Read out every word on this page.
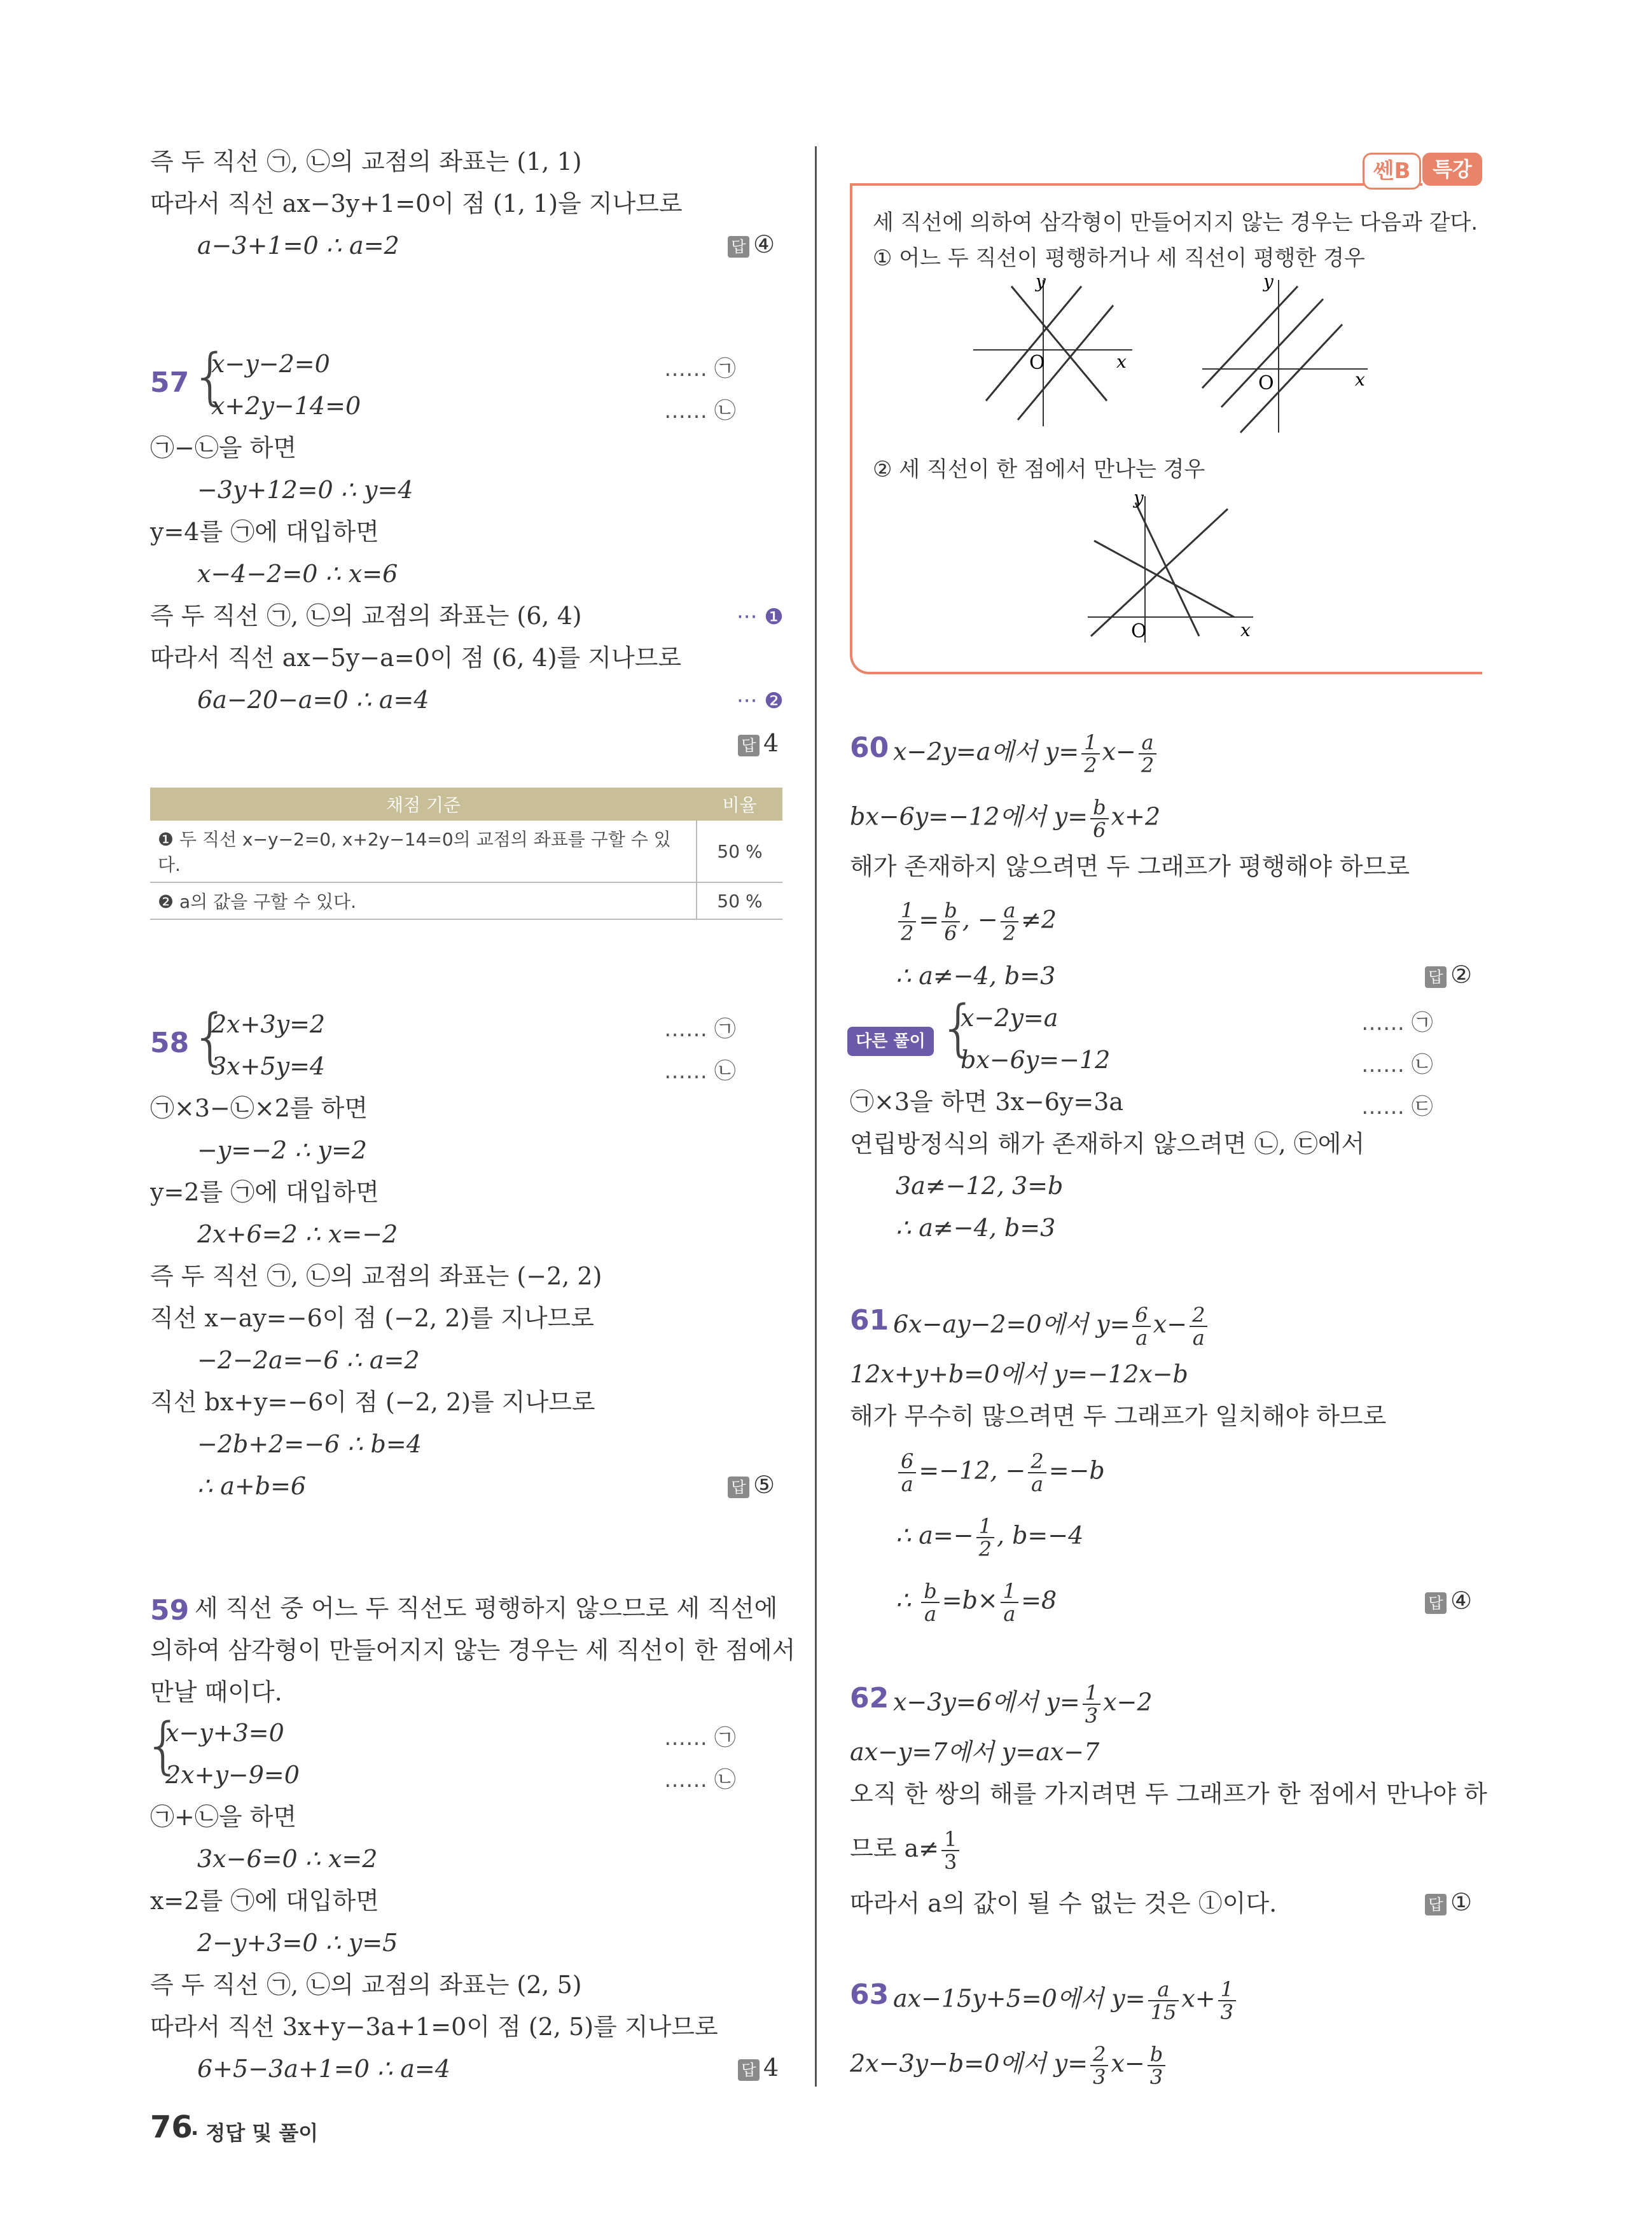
즉 두 직선 ㉠, ㉡의 교점의 좌표는 (1, 1)
따라서 직선 ax−3y+1=0이 점 (1, 1)을 지나므로
a−3+1=0 ∴ a=2	답 ④
57 {
x−y−2=0
x+2y−14=0
…… ㉠
…… ㉡
㉠−㉡을 하면
−3y+12=0 ∴ y=4
y=4를 ㉠에 대입하면
x−4−2=0 ∴ x=6
즉 두 직선 ㉠, ㉡의 교점의 좌표는 (6, 4)	··· ❶
따라서 직선 ax−5y−a=0이 점 (6, 4)를 지나므로
6a−20−a=0 ∴ a=4	··· ❷
답 4
채점 기준	비율
❶ 두 직선 x−y−2=0, x+2y−14=0의 교점의 좌표를 구할 수 있다.	50 %
❷ a의 값을 구할 수 있다.	50 %
58 {
2x+3y=2
3x+5y=4
…… ㉠
…… ㉡
㉠×3−㉡×2를 하면
−y=−2 ∴ y=2
y=2를 ㉠에 대입하면
2x+6=2 ∴ x=−2
즉 두 직선 ㉠, ㉡의 교점의 좌표는 (−2, 2)
직선 x−ay=−6이 점 (−2, 2)를 지나므로
−2−2a=−6 ∴ a=2
직선 bx+y=−6이 점 (−2, 2)를 지나므로
−2b+2=−6 ∴ b=4
∴ a+b=6	답 ⑤
59 세 직선 중 어느 두 직선도 평행하지 않으므로 세 직선에
의하여 삼각형이 만들어지지 않는 경우는 세 직선이 한 점에서
만날 때이다.
{
x−y+3=0
2x+y−9=0
…… ㉠
…… ㉡
㉠+㉡을 하면
3x−6=0 ∴ x=2
x=2를 ㉠에 대입하면
2−y+3=0 ∴ y=5
즉 두 직선 ㉠, ㉡의 교점의 좌표는 (2, 5)
따라서 직선 3x+y−3a+1=0이 점 (2, 5)를 지나므로
6+5−3a+1=0 ∴ a=4	답 4
쎈B	특강
세 직선에 의하여 삼각형이 만들어지지 않는 경우는 다음과 같다.
① 어느 두 직선이 평행하거나 세 직선이 평행한 경우
O	x
y
O	x
y
② 세 직선이 한 점에서 만나는 경우
O	x
y
60 x−2y=a에서 $y= \frac{1}{2} x- \frac{a}{2}$
bx−6y=−12에서 $y= \frac{b}{6} x+2$
해가 존재하지 않으려면 두 그래프가 평행해야 하므로
$\frac{1}{2} = \frac{b}{6}$ , − $\frac{a}{2} \ne 2$
∴ a≠−4, b=3	답 ②
다른 풀이 {
x−2y=a
bx−6y=−12
…… ㉠
…… ㉡
㉠×3을 하면 3x−6y=3a	…… ㉢
연립방정식의 해가 존재하지 않으려면 ㉡, ㉢에서
3a≠−12, 3=b
∴ a≠−4, b=3
61 6x−ay−2=0에서 $y= \frac{6}{a} x- \frac{2}{a}$
12x+y+b=0에서 y=−12x−b
해가 무수히 많으려면 두 그래프가 일치해야 하므로
$\frac{6}{a} =-12$, − $\frac{2}{a} =-b$
∴ $a=- \frac{1}{2}$ , b=−4
∴ $\frac{b}{a} =b\times \frac{1}{a} =8$	답 ④
62 x−3y=6에서 $y= \frac{1}{3} x-2$
ax−y=7에서 y=ax−7
오직 한 쌍의 해를 가지려면 두 그래프가 한 점에서 만나야 하
므로 $a\ne \frac{1}{3}$
따라서 a의 값이 될 수 없는 것은 ①이다.	답 ①
63 ax−15y+5=0에서 $y= \frac{a}{15} x+ \frac{1}{3}$
2x−3y−b=0에서 $y= \frac{2}{3} x- \frac{b}{3}$
76
· 정답 및 풀이
